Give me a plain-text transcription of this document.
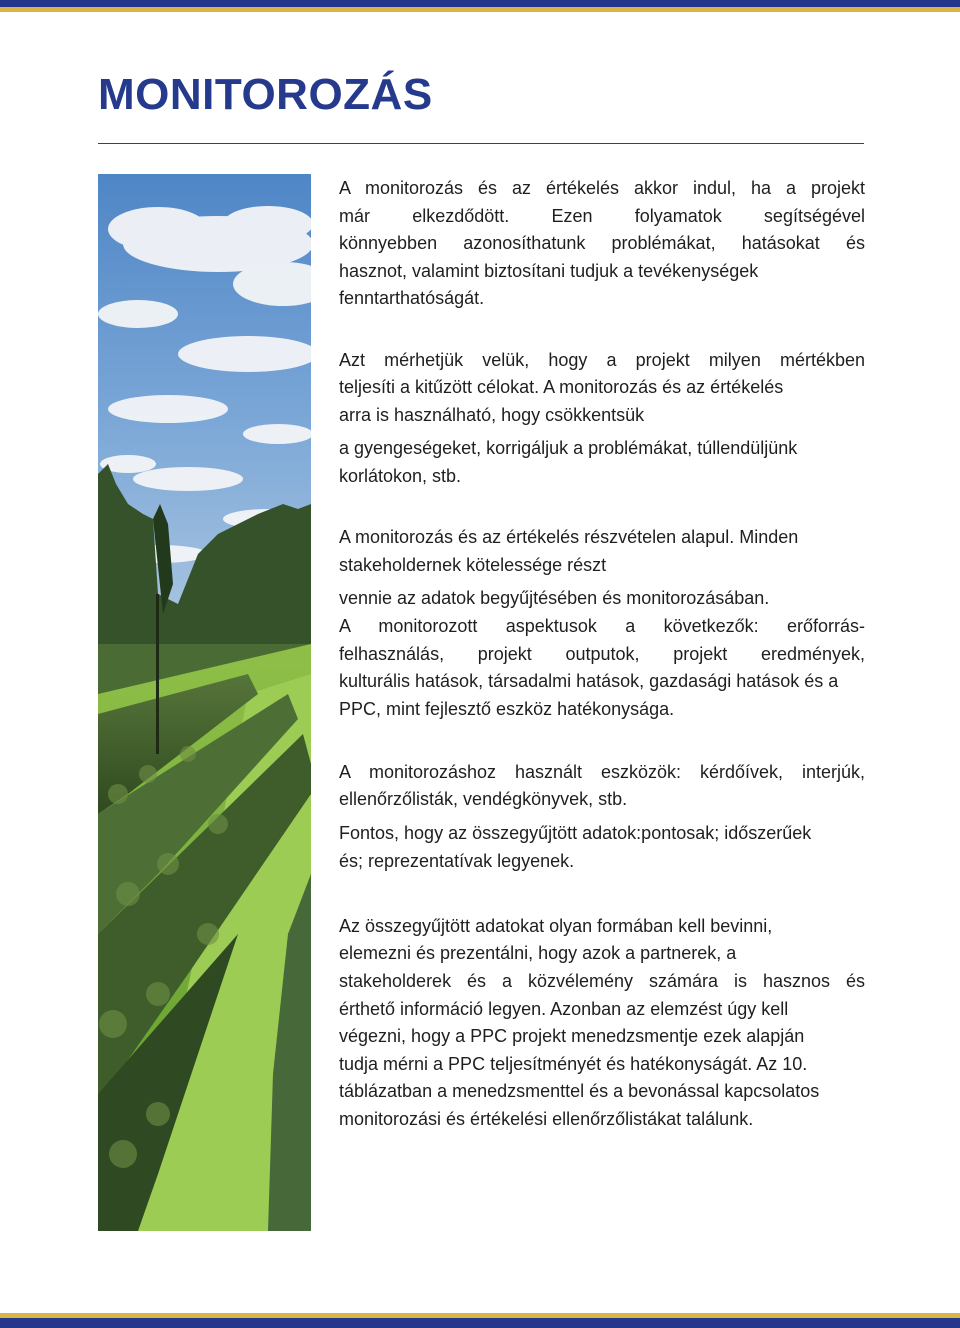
MONITOROZÁS

A monitorozás és az értékelés akkor indul, ha a projekt
már elkezdődött. Ezen folyamatok segítségével
könnyebben azonosíthatunk problémákat, hatásokat és
hasznot, valamint biztosítani tudjuk a tevékenységek
fenntarthatóságát.

Azt mérhetjük velük, hogy a projekt milyen mértékben
teljesíti a kitűzött célokat. A monitorozás és az értékelés
arra is használható, hogy csökkentsük
a gyengeségeket, korrigáljuk a problémákat, túllendüljünk
korlátokon, stb.

A monitorozás és az értékelés részvételen alapul. Minden
stakeholdernek kötelessége részt
vennie az adatok begyűjtésében és monitorozásában.
A monitorozott aspektusok a következők: erőforrás-
felhasználás, projekt outputok, projekt eredmények,
kulturális hatások, társadalmi hatások, gazdasági hatások és a
PPC, mint fejlesztő eszköz hatékonysága.

A monitorozáshoz használt eszközök: kérdőívek, interjúk,
ellenőrzőlisták, vendégkönyvek, stb.
Fontos, hogy az összegyűjtött adatok:pontosak; időszerűek
és; reprezentatívak legyenek.

Az összegyűjtött adatokat olyan formában kell bevinni,
elemezni és prezentálni, hogy azok a partnerek, a
stakeholderek és a közvélemény számára is hasznos és
érthető információ legyen. Azonban az elemzést úgy kell
végezni, hogy a PPC projekt menedzsmentje ezek alapján
tudja mérni a PPC teljesítményét és hatékonyságát. Az 10.
táblázatban a menedzsmenttel és a bevonással kapcsolatos
monitorozási és értékelési ellenőrzőlistákat találunk.
